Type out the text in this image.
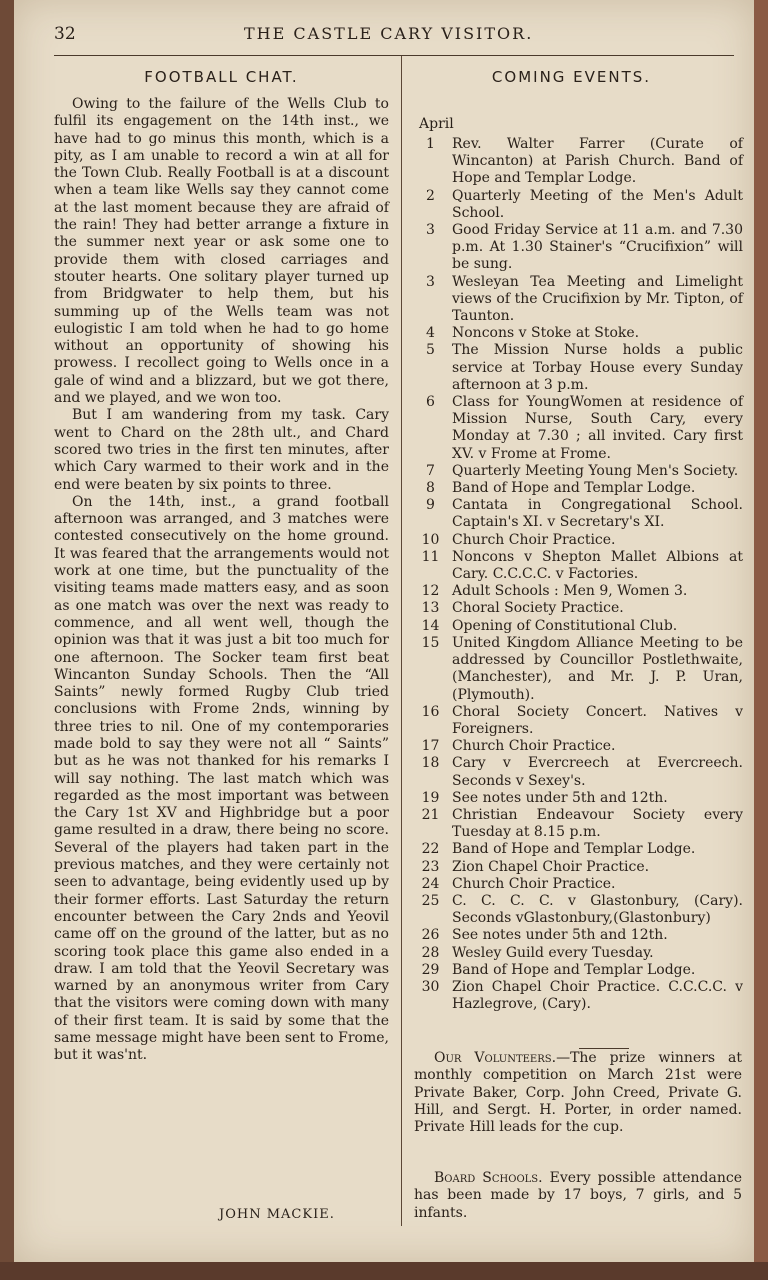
32	THE CASTLE CARY VISITOR.
FOOTBALL CHAT.

Owing to the failure of the Wells Club to fulfil its engagement on the 14th inst., we have had to go minus this month, which is a pity, as I am unable to record a win at all for the Town Club. Really Football is at a discount when a team like Wells say they cannot come at the last moment because they are afraid of the rain! They had better arrange a fixture in the summer next year or ask some one to provide them with closed carriages and stouter hearts. One solitary player turned up from Bridgwater to help them, but his summing up of the Wells team was not eulogistic I am told when he had to go home without an opportunity of showing his prowess. I recollect going to Wells once in a gale of wind and a blizzard, but we got there, and we played, and we won too.

But I am wandering from my task. Cary went to Chard on the 28th ult., and Chard scored two tries in the first ten minutes, after which Cary warmed to their work and in the end were beaten by six points to three.

On the 14th, inst., a grand football afternoon was arranged, and 3 matches were contested consecutively on the home ground. It was feared that the arrangements would not work at one time, but the punctuality of the visiting teams made matters easy, and as soon as one match was over the next was ready to commence, and all went well, though the opinion was that it was just a bit too much for one afternoon. The Socker team first beat Wincanton Sunday Schools. Then the “All Saints” newly formed Rugby Club tried conclusions with Frome 2nds, winning by three tries to nil. One of my contemporaries made bold to say they were not all “ Saints” but as he was not thanked for his remarks I will say nothing. The last match which was regarded as the most important was between the Cary 1st XV and Highbridge but a poor game resulted in a draw, there being no score. Several of the players had taken part in the previous matches, and they were certainly not seen to advantage, being evidently used up by their former efforts. Last Saturday the return encounter between the Cary 2nds and Yeovil came off on the ground of the latter, but as no scoring took place this game also ended in a draw. I am told that the Yeovil Secretary was warned by an anonymous writer from Cary that the visitors were coming down with many of their first team. It is said by some that the same message might have been sent to Frome, but it was'nt.

JOHN MACKIE.
COMING EVENTS.
April
1	Rev. Walter Farrer (Curate of Wincanton) at Parish Church. Band of Hope and Templar Lodge.
2	Quarterly Meeting of the Men's Adult School.
3	Good Friday Service at 11 a.m. and 7.30 p.m. At 1.30 Stainer's “Crucifixion” will be sung.
3	Wesleyan Tea Meeting and Limelight views of the Crucifixion by Mr. Tipton, of Taunton.
4	Noncons v Stoke at Stoke.
5	The Mission Nurse holds a public service at Torbay House every Sunday afternoon at 3 p.m.
6	Class for YoungWomen at residence of Mission Nurse, South Cary, every Monday at 7.30 ; all invited. Cary first XV. v Frome at Frome.
7	Quarterly Meeting Young Men's Society.
8	Band of Hope and Templar Lodge.
9	Cantata in Congregational School. Captain's XI. v Secretary's XI.
10 Church Choir Practice.
11 Noncons v Shepton Mallet Albions at Cary. C.C.C.C. v Factories.
12 Adult Schools : Men 9, Women 3.
13 Choral Society Practice.
14 Opening of Constitutional Club.
15 United Kingdom Alliance Meeting to be addressed by Councillor Postlethwaite, (Manchester), and Mr. J. P. Uran, (Plymouth).
16 Choral Society Concert. Natives v Foreigners.
17 Church Choir Practice.
18 Cary v Evercreech at Evercreech. Seconds v Sexey's.
19 See notes under 5th and 12th.
21 Christian Endeavour Society every Tuesday at 8.15 p.m.
22 Band of Hope and Templar Lodge.
23 Zion Chapel Choir Practice.
24 Church Choir Practice.
25 C. C. C. C. v Glastonbury, (Cary). Seconds vGlastonbury,(Glastonbury)
26 See notes under 5th and 12th.
28 Wesley Guild every Tuesday.
29 Band of Hope and Templar Lodge.
30 Zion Chapel Choir Practice. C.C.C.C. v Hazlegrove, (Cary).

Our Volunteers.—The prize winners at monthly competition on March 21st were Private Baker, Corp. John Creed, Private G. Hill, and Sergt. H. Porter, in order named. Private Hill leads for the cup.

Board Schools. Every possible attendance has been made by 17 boys, 7 girls, and 5 infants.
